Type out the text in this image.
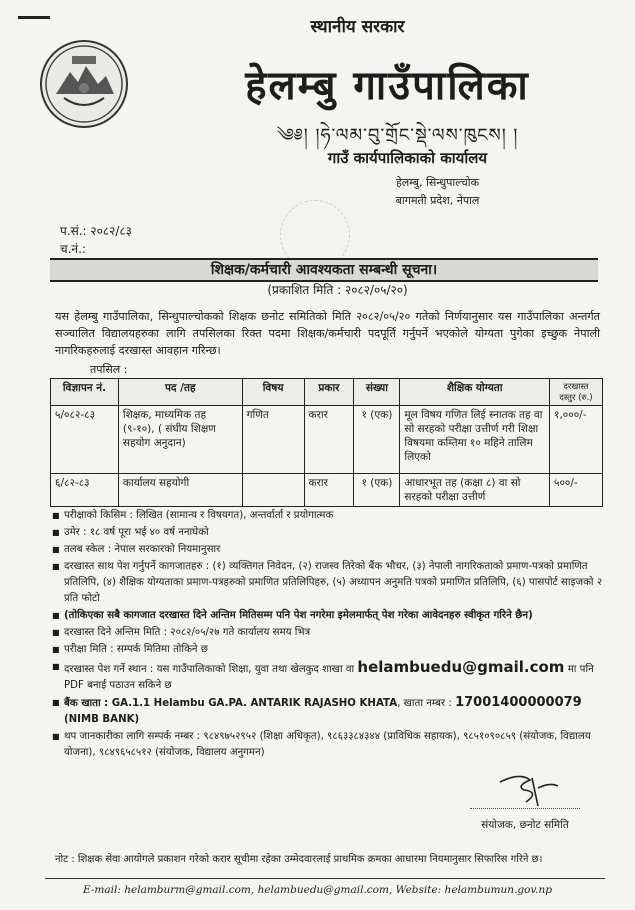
स्थानीय सरकार
हेलम्बु गाउँपालिका
༄༅། །ཧེ་ལམ་བུ་གྲོང་སྡེ་ལས་ཁུངས། །
गाउँ कार्यपालिकाको कार्यालय
हेलम्बु, सिन्धुपाल्चोक
बागमती प्रदेश, नेपाल
प.सं.: २०८२/८३
च.नं.:
शिक्षक/कर्मचारी आवश्यकता सम्बन्धी सूचना।
(प्रकाशित मिति : २०८२/०५/२०)
यस हेलम्बु गाउँपालिका, सिन्धुपाल्चोकको शिक्षक छनोट समितिको मिति २०८२/०५/२० गतेको निर्णयानुसार यस गाउँपालिका अन्तर्गत सञ्चालित विद्यालयहरुका लागि तपसिलका रिक्त पदमा शिक्षक/कर्मचारी पदपूर्ति गर्नुपर्ने भएकोले योग्यता पुगेका इच्छुक नेपाली नागरिकहरुलाई दरखास्त आवहान गरिन्छ।
तपसिल :
विज्ञापन नं.	पद /तह	विषय	प्रकार	संख्या	शैक्षिक योग्यता	दरखास्त दस्तुर (रु.)
५/०८२-८३	शिक्षक, माध्यमिक तह (९-१०), ( संघीय शिक्षण सहयोग अनुदान)	गणित	करार	१ (एक)	मूल विषय गणित लिई स्नातक तह वा सो सरहको परीक्षा उत्तीर्ण गरी शिक्षा विषयमा कम्तिमा १० महिने तालिम लिएको	१,०००/-
६/८२-८३	कार्यालय सहयोगी		करार	१ (एक)	आधारभूत तह (कक्षा ८) वा सो सरहको परीक्षा उत्तीर्ण	५००/-
■ परीक्षाको किसिम : लिखित (सामान्य र विषयगत), अन्तर्वार्ता र प्रयोगात्मक
■ उमेर : १८ वर्ष पूरा भई ४० वर्ष ननाघेको
■ तलब स्केल : नेपाल सरकारको नियमानुसार
■ दरखास्त साथ पेश गर्नुपर्ने कागजातहरु : (१) व्यक्तिगत निवेदन, (२) राजस्व तिरेको बैंक भौचर, (३) नेपाली नागरिकताको प्रमाण-पत्रको प्रमाणित प्रतिलिपि, (४) शैक्षिक योग्यताका प्रमाण-पत्रहरुको प्रमाणित प्रतिलिपिहरु, (५) अध्यापन अनुमति पत्रको प्रमाणित प्रतिलिपि, (६) पासपोर्ट साइजको २ प्रति फोटो
■ (तोकिएका सबै कागजात दरखास्त दिने अन्तिम मितिसम्म पनि पेश नगरेमा इमेलमार्फत् पेश गरेका आवेदनहरु स्वीकृत गरिने छैन)
■ दरखास्त दिने अन्तिम मिति : २०८२/०५/२७ गते कार्यालय समय भित्र
■ परीक्षा मिति : सम्पर्क मितिमा तोकिने छ
■ दरखास्त पेश गर्ने स्थान : यस गाउँपालिकाको शिक्षा, युवा तथा खेलकुद शाखा वा helambuedu@gmail.com मा पनि PDF बनाई पठाउन सकिने छ
■ बैंक खाता : GA.1.1 Helambu GA.PA. ANTARIK RAJASHO KHATA, खाता नम्बर : 17001400000079
(NIMB BANK)
■ थप जानकारीका लागि सम्पर्क नम्बर : ९८४९७५२९५२ (शिक्षा अधिकृत), ९८६३३८४३४४ (प्राविधिक सहायक), ९८५१०९०८५९ (संयोजक, विद्यालय योजना), ९८४९६५८५१२ (संयोजक, विद्यालय अनुगमन)
संयोजक, छनोट समिति
नोट : शिक्षक सेवा आयोगले प्रकाशन गरेको करार सूचीमा रहेका उम्मेदवारलाई प्राथमिक क्रमका आधारमा नियमानुसार सिफारिस गरिने छ।
E-mail: helamburm@gmail.com, helambuedu@gmail.com, Website: helambumun.gov.np
